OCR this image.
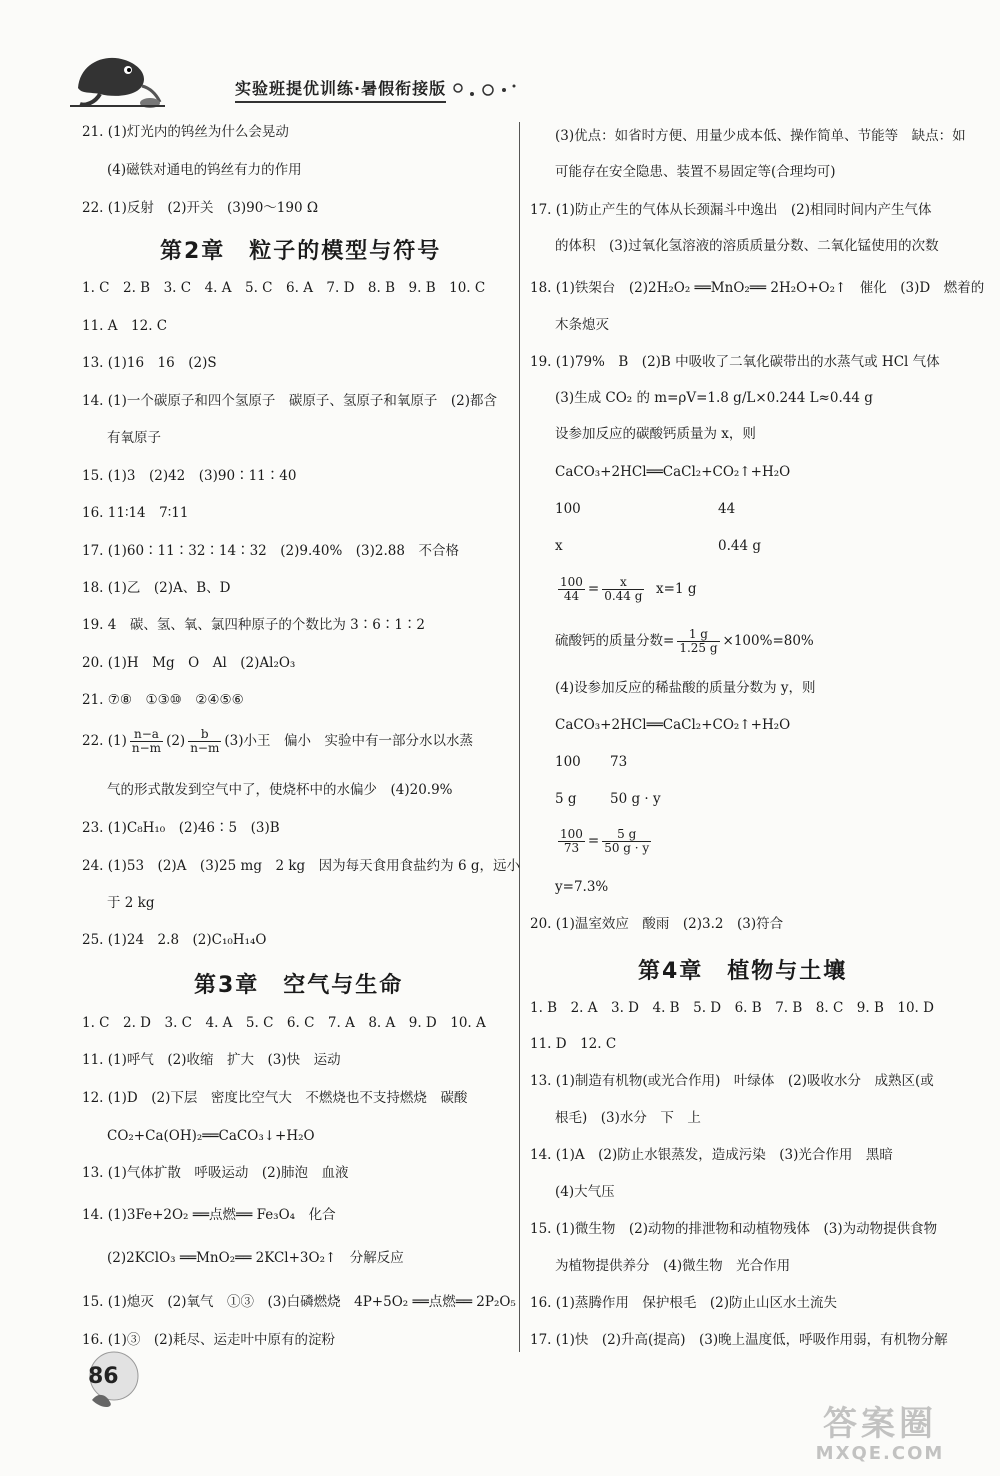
实验班提优训练·暑假衔接版
21. (1)灯光内的钨丝为什么会晃动
(4)磁铁对通电的钨丝有力的作用
22. (1)反射　(2)开关　(3)90～190 Ω
第2章　粒子的模型与符号
1. C　2. B　3. C　4. A　5. C　6. A　7. D　8. B　9. B　10. C
11. A　12. C
13. (1)16　16　(2)S
14. (1)一个碳原子和四个氢原子　碳原子、氢原子和氧原子　(2)都含
有氧原子
15. (1)3　(2)42　(3)90∶11∶40
16. 11∶14　7∶11
17. (1)60∶11∶32∶14∶32　(2)9.40%　(3)2.88　不合格
18. (1)乙　(2)A、B、D
19. 4　碳、氢、氧、氯四种原子的个数比为 3∶6∶1∶2
20. (1)H　Mg　O　Al　(2)Al₂O₃
21. ⑦⑧　①③⑩　②④⑤⑥
22. $(1) \frac{n-a}{n-m} (2) \frac{b}{n-m} (3)$小王　偏小　实验中有一部分水以水蒸
气的形式散发到空气中了，使烧杯中的水偏少　(4)20.9%
23. (1)C₈H₁₀　(2)46∶5　(3)B
24. (1)53　(2)A　(3)25 mg　2 kg　因为每天食用食盐约为 6 g，远小
于 2 kg
25. (1)24　2.8　(2)C₁₀H₁₄O
第3章　空气与生命
1. C　2. D　3. C　4. A　5. C　6. C　7. A　8. A　9. D　10. A
11. (1)呼气　(2)收缩　扩大　(3)快　运动
12. (1)D　(2)下层　密度比空气大　不燃烧也不支持燃烧　碳酸
CO₂+Ca(OH)₂══CaCO₃↓+H₂O
13. (1)气体扩散　呼吸运动　(2)肺泡　血液
14. (1)3Fe+2O₂ ══点燃══ Fe₃O₄　化合
(2)2KClO₃ ══MnO₂══ 2KCl+3O₂↑　分解反应
15. (1)熄灭　(2)氧气　①③　(3)白磷燃烧　4P+5O₂ ══点燃══ 2P₂O₅
16. (1)③　(2)耗尽、运走叶中原有的淀粉
(3)优点：如省时方便、用量少成本低、操作简单、节能等　缺点：如
可能存在安全隐患、装置不易固定等(合理均可)
17. (1)防止产生的气体从长颈漏斗中逸出　(2)相同时间内产生气体
的体积　(3)过氧化氢溶液的溶质质量分数、二氧化锰使用的次数
18. (1)铁架台　(2)2H₂O₂ ══MnO₂══ 2H₂O+O₂↑　催化　(3)D　燃着的
木条熄灭
19. (1)79%　B　(2)B 中吸收了二氧化碳带出的水蒸气或 HCl 气体
(3)生成 CO₂ 的 m=ρV=1.8 g/L×0.244 L≈0.44 g
设参加反应的碳酸钙质量为 x，则
CaCO₃+2HCl══CaCl₂+CO₂↑+H₂O
100	44
x	0.44 g
$\frac{100}{44} = \frac{x}{0.44 g} x=1$ g
硫酸钙的质量分数= $\frac{1 g}{1.25 g} \times 100\%=80\%$
(4)设参加反应的稀盐酸的质量分数为 y，则
CaCO₃+2HCl══CaCl₂+CO₂↑+H₂O
100 73
5 g 50 g · y
$\frac{100}{73} = \frac{5 g}{50 g \cdot y}$
y=7.3%
20. (1)温室效应　酸雨　(2)3.2　(3)符合
第4章　植物与土壤
1. B　2. A　3. D　4. B　5. D　6. B　7. B　8. C　9. B　10. D
11. D　12. C
13. (1)制造有机物(或光合作用)　叶绿体　(2)吸收水分　成熟区(或
根毛)　(3)水分　下　上
14. (1)A　(2)防止水银蒸发，造成污染　(3)光合作用　黑暗
(4)大气压
15. (1)微生物　(2)动物的排泄物和动植物残体　(3)为动物提供食物
为植物提供养分　(4)微生物　光合作用
16. (1)蒸腾作用　保护根毛　(2)防止山区水土流失
17. (1)快　(2)升高(提高)　(3)晚上温度低，呼吸作用弱，有机物分解
86
答案圈
MXQE.COM
